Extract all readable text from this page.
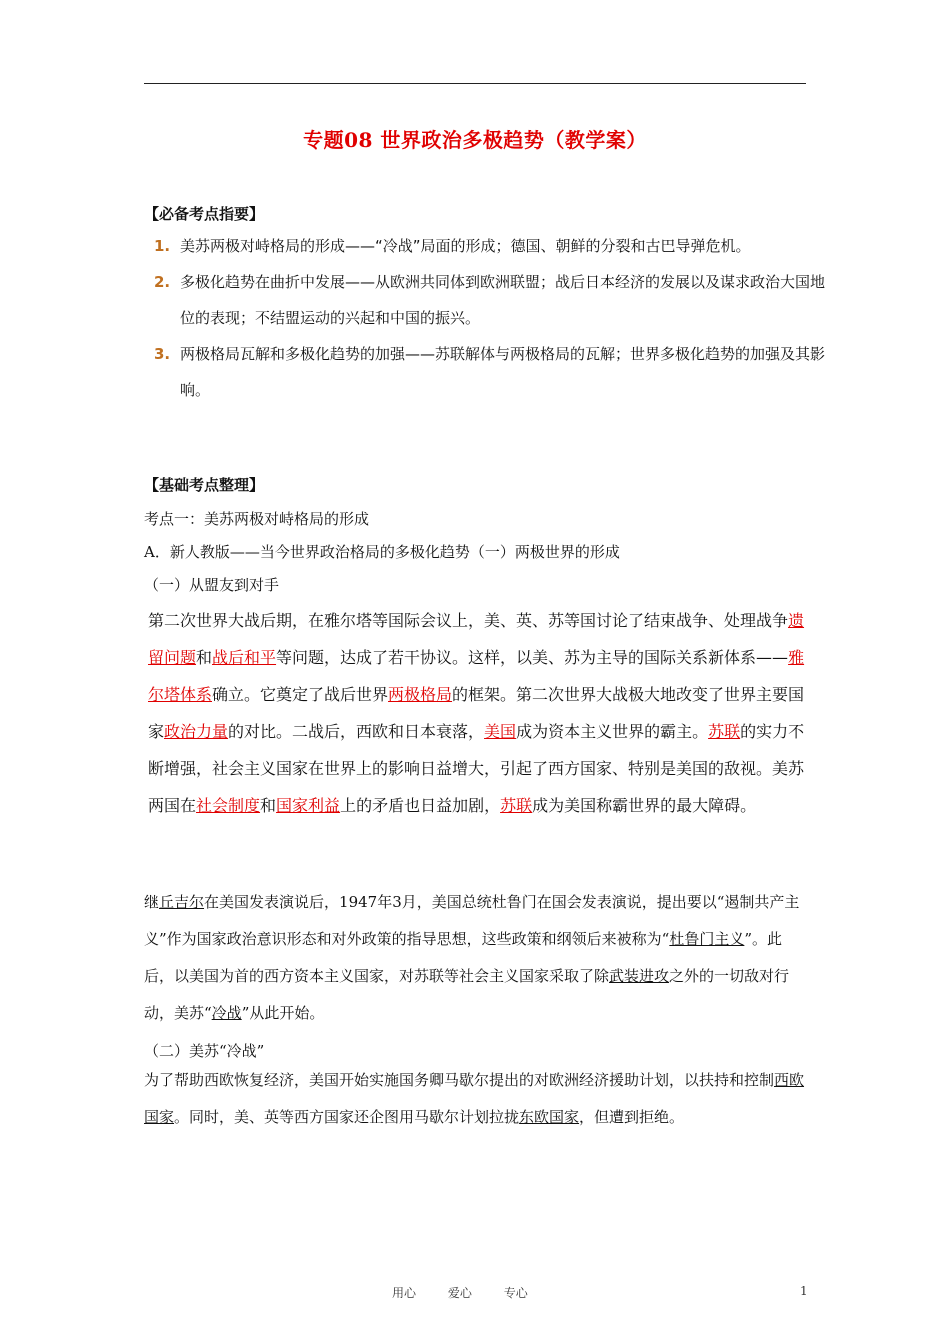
专题08 世界政治多极趋势（教学案）
【必备考点指要】
1. 美苏两极对峙格局的形成——“冷战”局面的形成；德国、朝鲜的分裂和古巴导弹危机。
2. 多极化趋势在曲折中发展——从欧洲共同体到欧洲联盟；战后日本经济的发展以及谋求政治大国地位的表现；不结盟运动的兴起和中国的振兴。
3. 两极格局瓦解和多极化趋势的加强——苏联解体与两极格局的瓦解；世界多极化趋势的加强及其影响。
【基础考点整理】
考点一：美苏两极对峙格局的形成
A．新人教版——当今世界政治格局的多极化趋势（一）两极世界的形成
（一）从盟友到对手
第二次世界大战后期，在雅尔塔等国际会议上，美、英、苏等国讨论了结束战争、处理战争遗留问题和战后和平等问题，达成了若干协议。这样，以美、苏为主导的国际关系新体系——雅尔塔体系确立。它奠定了战后世界两极格局的框架。第二次世界大战极大地改变了世界主要国家政治力量的对比。二战后，西欧和日本衰落，美国成为资本主义世界的霸主。苏联的实力不断增强，社会主义国家在世界上的影响日益增大，引起了西方国家、特别是美国的敌视。美苏两国在社会制度和国家利益上的矛盾也日益加剧，苏联成为美国称霸世界的最大障碍。
继丘吉尔在美国发表演说后，1947年3月，美国总统杜鲁门在国会发表演说，提出要以“遏制共产主义”作为国家政治意识形态和对外政策的指导思想，这些政策和纲领后来被称为“杜鲁门主义”。此后，以美国为首的西方资本主义国家，对苏联等社会主义国家采取了除武装进攻之外的一切敌对行动，美苏“冷战”从此开始。
（二）美苏“冷战”
为了帮助西欧恢复经济，美国开始实施国务卿马歇尔提出的对欧洲经济援助计划，以扶持和控制西欧国家。同时，美、英等西方国家还企图用马歇尔计划拉拢东欧国家，但遭到拒绝。
用心	爱心	专心	1
